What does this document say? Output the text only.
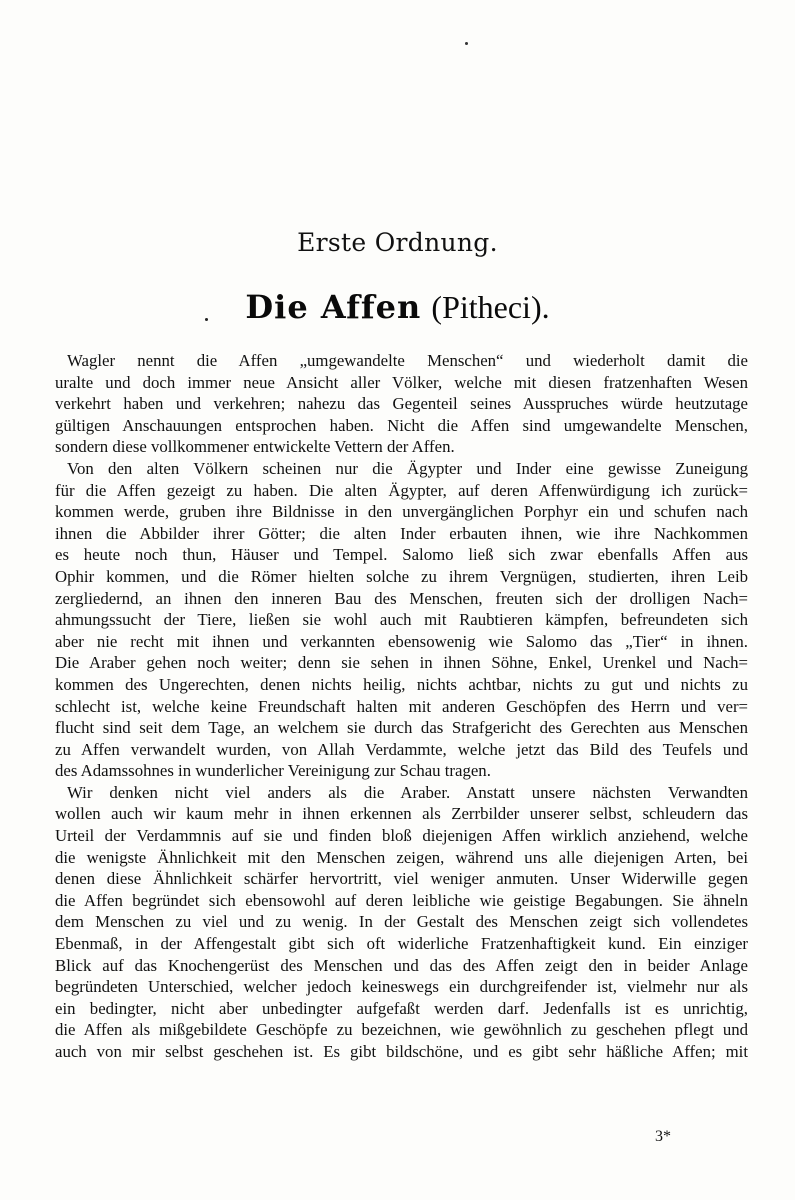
Erste Ordnung.
Die Affen (Pitheci).
Wagler nennt die Affen „umgewandelte Menschen“ und wiederholt damit die
uralte und doch immer neue Ansicht aller Völker, welche mit diesen fratzenhaften Wesen
verkehrt haben und verkehren; nahezu das Gegenteil seines Ausspruches würde heutzutage
gültigen Anschauungen entsprochen haben. Nicht die Affen sind umgewandelte Menschen,
sondern diese vollkommener entwickelte Vettern der Affen.
Von den alten Völkern scheinen nur die Ägypter und Inder eine gewisse Zuneigung
für die Affen gezeigt zu haben. Die alten Ägypter, auf deren Affenwürdigung ich zurück=
kommen werde, gruben ihre Bildnisse in den unvergänglichen Porphyr ein und schufen nach
ihnen die Abbilder ihrer Götter; die alten Inder erbauten ihnen, wie ihre Nachkommen
es heute noch thun, Häuser und Tempel. Salomo ließ sich zwar ebenfalls Affen aus
Ophir kommen, und die Römer hielten solche zu ihrem Vergnügen, studierten, ihren Leib
zergliedernd, an ihnen den inneren Bau des Menschen, freuten sich der drolligen Nach=
ahmungssucht der Tiere, ließen sie wohl auch mit Raubtieren kämpfen, befreundeten sich
aber nie recht mit ihnen und verkannten ebensowenig wie Salomo das „Tier“ in ihnen.
Die Araber gehen noch weiter; denn sie sehen in ihnen Söhne, Enkel, Urenkel und Nach=
kommen des Ungerechten, denen nichts heilig, nichts achtbar, nichts zu gut und nichts zu
schlecht ist, welche keine Freundschaft halten mit anderen Geschöpfen des Herrn und ver=
flucht sind seit dem Tage, an welchem sie durch das Strafgericht des Gerechten aus Menschen
zu Affen verwandelt wurden, von Allah Verdammte, welche jetzt das Bild des Teufels und
des Adamssohnes in wunderlicher Vereinigung zur Schau tragen.
Wir denken nicht viel anders als die Araber. Anstatt unsere nächsten Verwandten
wollen auch wir kaum mehr in ihnen erkennen als Zerrbilder unserer selbst, schleudern das
Urteil der Verdammnis auf sie und finden bloß diejenigen Affen wirklich anziehend, welche
die wenigste Ähnlichkeit mit den Menschen zeigen, während uns alle diejenigen Arten, bei
denen diese Ähnlichkeit schärfer hervortritt, viel weniger anmuten. Unser Widerwille gegen
die Affen begründet sich ebensowohl auf deren leibliche wie geistige Begabungen. Sie ähneln
dem Menschen zu viel und zu wenig. In der Gestalt des Menschen zeigt sich vollendetes
Ebenmaß, in der Affengestalt gibt sich oft widerliche Fratzenhaftigkeit kund. Ein einziger
Blick auf das Knochengerüst des Menschen und das des Affen zeigt den in beider Anlage
begründeten Unterschied, welcher jedoch keineswegs ein durchgreifender ist, vielmehr nur als
ein bedingter, nicht aber unbedingter aufgefaßt werden darf. Jedenfalls ist es unrichtig,
die Affen als mißgebildete Geschöpfe zu bezeichnen, wie gewöhnlich zu geschehen pflegt und
auch von mir selbst geschehen ist. Es gibt bildschöne, und es gibt sehr häßliche Affen; mit
3*
